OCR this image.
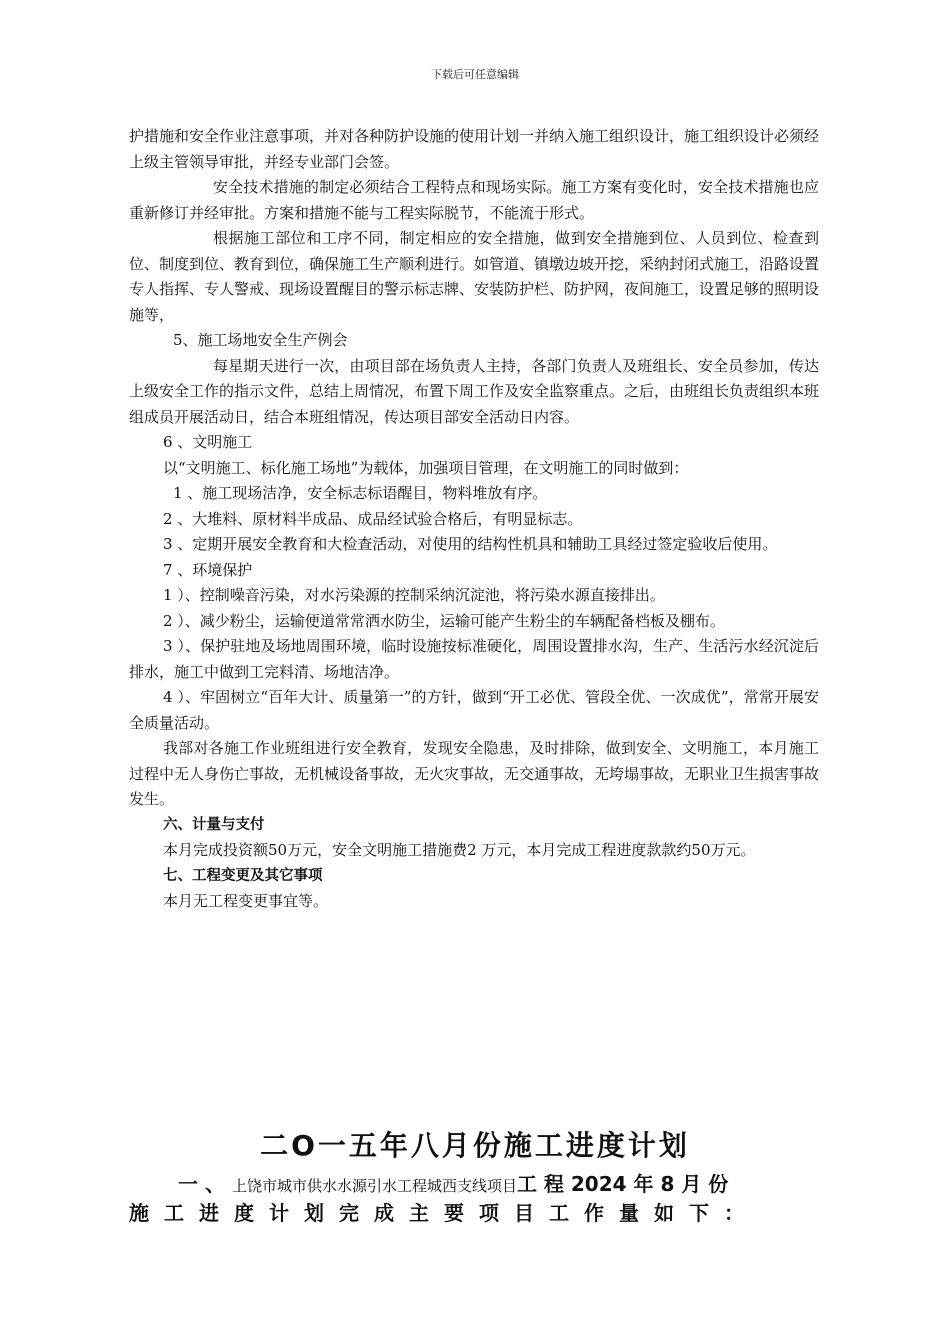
下载后可任意编辑

护措施和安全作业注意事项，并对各种防护设施的使用计划一并纳入施工组织设计，施工组织设计必须经上级主管领导审批，并经专业部门会签。

安全技术措施的制定必须结合工程特点和现场实际。施工方案有变化时，安全技术措施也应重新修订并经审批。方案和措施不能与工程实际脱节，不能流于形式。

根据施工部位和工序不同，制定相应的安全措施，做到安全措施到位、人员到位、检查到位、制度到位、教育到位，确保施工生产顺利进行。如管道、镇墩边坡开挖，采纳封闭式施工，沿路设置专人指挥、专人警戒、现场设置醒目的警示标志牌、安装防护栏、防护网，夜间施工，设置足够的照明设施等，

5、施工场地安全生产例会

每星期天进行一次，由项目部在场负责人主持，各部门负责人及班组长、安全员参加，传达上级安全工作的指示文件，总结上周情况，布置下周工作及安全监察重点。之后，由班组长负责组织本班组成员开展活动日，结合本班组情况，传达项目部安全活动日内容。

6 、文明施工

以“文明施工、标化施工场地”为载体，加强项目管理，在文明施工的同时做到：

1 、施工现场洁净，安全标志标语醒目，物料堆放有序。

2 、大堆料、原材料半成品、成品经试验合格后，有明显标志。

3 、定期开展安全教育和大检查活动，对使用的结构性机具和辅助工具经过签定验收后使用。

7 、环境保护

1 ）、控制噪音污染，对水污染源的控制采纳沉淀池，将污染水源直接排出。

2 ）、减少粉尘，运输便道常常洒水防尘，运输可能产生粉尘的车辆配备档板及棚布。

3 ）、保护驻地及场地周围环境，临时设施按标准硬化，周围设置排水沟，生产、生活污水经沉淀后排水，施工中做到工完料清、场地洁净。

4 ）、牢固树立“百年大计、质量第一”的方针，做到“开工必优、管段全优、一次成优”，常常开展安全质量活动。

我部对各施工作业班组进行安全教育，发现安全隐患，及时排除，做到安全、文明施工，本月施工过程中无人身伤亡事故，无机械设备事故，无火灾事故，无交通事故，无垮塌事故，无职业卫生损害事故发生。

六、计量与支付

本月完成投资额50万元，安全文明施工措施费2 万元，本月完成工程进度款款约50万元。

七、工程变更及其它事项

本月无工程变更事宜等。

二O一五年八月份施工进度计划
一 、 上饶市城市供水水源引水工程城西支线项目工 程 2024 年 8 月 份
施工进度计划完成主要项目工作量如下：
